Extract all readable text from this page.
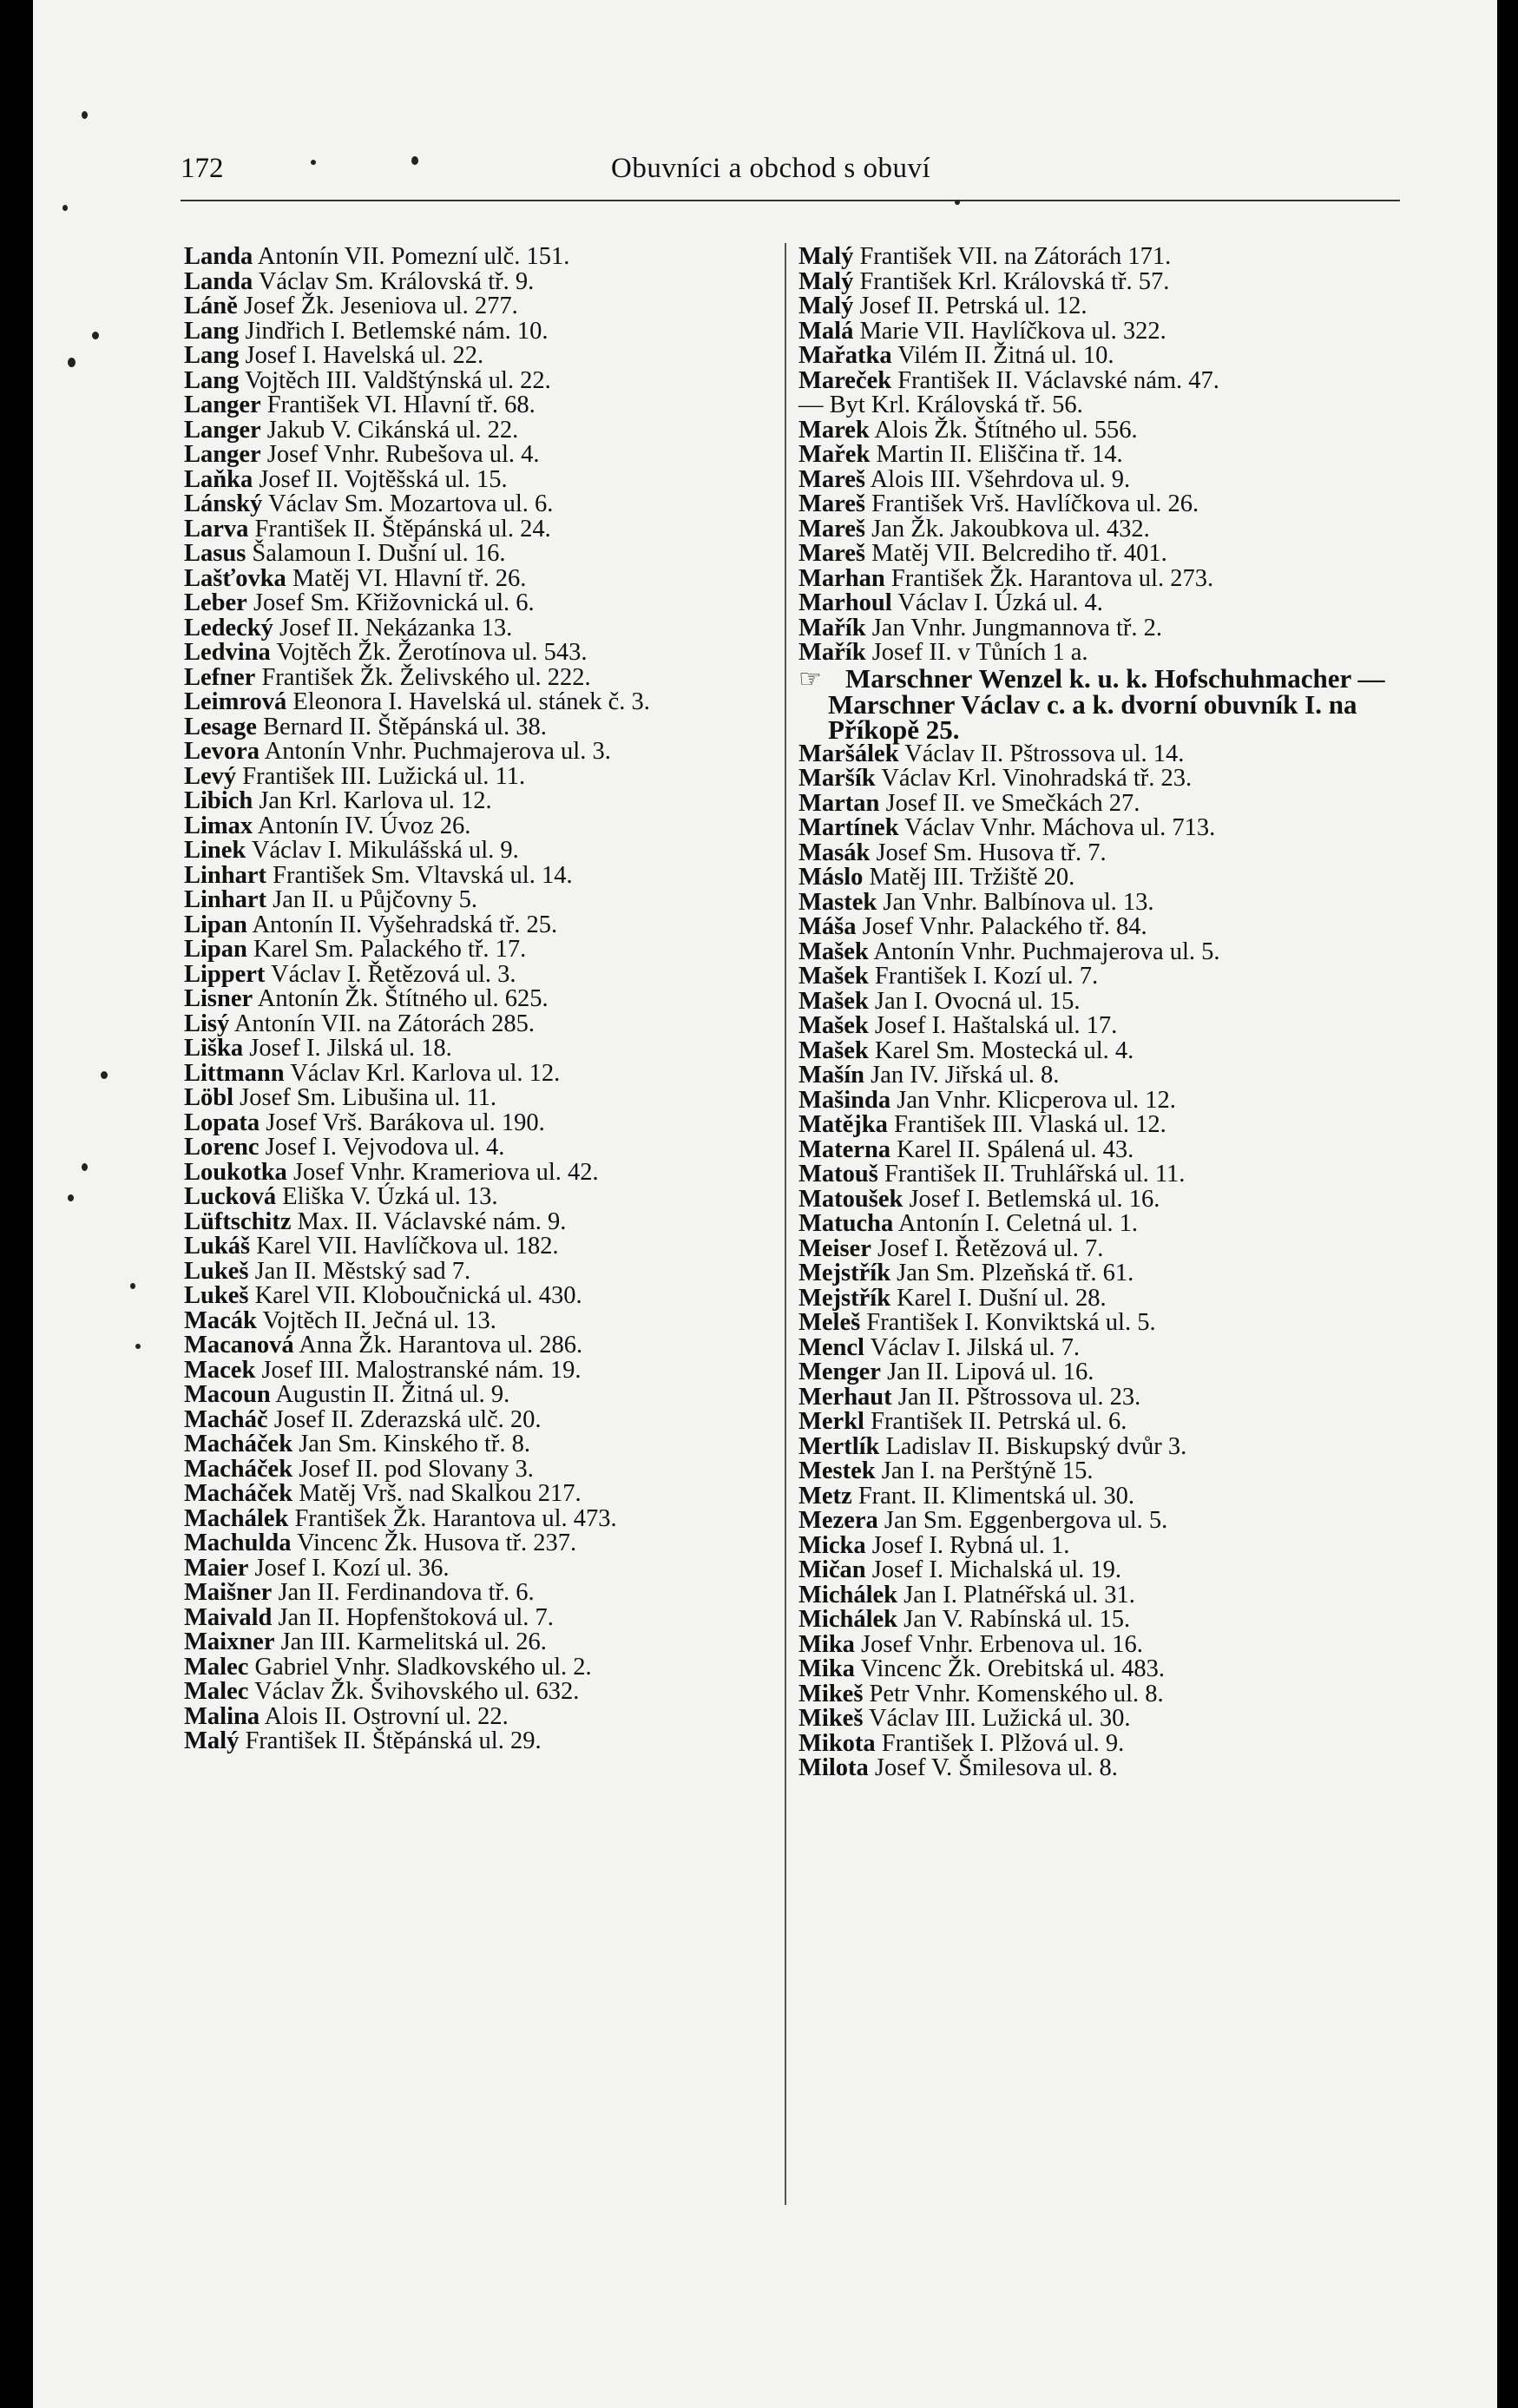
172	Obuvníci a obchod s obuví
Landa Antonín VII. Pomezní ulč. 151.
Landa Václav Sm. Královská tř. 9.
Láně Josef Žk. Jeseniova ul. 277.
Lang Jindřich I. Betlemské nám. 10.
Lang Josef I. Havelská ul. 22.
Lang Vojtěch III. Valdštýnská ul. 22.
Langer František VI. Hlavní tř. 68.
Langer Jakub V. Cikánská ul. 22.
Langer Josef Vnhr. Rubešova ul. 4.
Laňka Josef II. Vojtěšská ul. 15.
Lánský Václav Sm. Mozartova ul. 6.
Larva František II. Štěpánská ul. 24.
Lasus Šalamoun I. Dušní ul. 16.
Lašťovka Matěj VI. Hlavní tř. 26.
Leber Josef Sm. Křižovnická ul. 6.
Ledecký Josef II. Nekázanka 13.
Ledvina Vojtěch Žk. Žerotínova ul. 543.
Lefner František Žk. Želivského ul. 222.
Leimrová Eleonora I. Havelská ul. stánek č. 3.
Lesage Bernard II. Štěpánská ul. 38.
Levora Antonín Vnhr. Puchmajerova ul. 3.
Levý František III. Lužická ul. 11.
Libich Jan Krl. Karlova ul. 12.
Limax Antonín IV. Úvoz 26.
Linek Václav I. Mikulášská ul. 9.
Linhart František Sm. Vltavská ul. 14.
Linhart Jan II. u Půjčovny 5.
Lipan Antonín II. Vyšehradská tř. 25.
Lipan Karel Sm. Palackého tř. 17.
Lippert Václav I. Řetězová ul. 3.
Lisner Antonín Žk. Štítného ul. 625.
Lisý Antonín VII. na Zátorách 285.
Liška Josef I. Jilská ul. 18.
Littmann Václav Krl. Karlova ul. 12.
Löbl Josef Sm. Libušina ul. 11.
Lopata Josef Vrš. Barákova ul. 190.
Lorenc Josef I. Vejvodova ul. 4.
Loukotka Josef Vnhr. Krameriova ul. 42.
Lucková Eliška V. Úzká ul. 13.
Lüftschitz Max. II. Václavské nám. 9.
Lukáš Karel VII. Havlíčkova ul. 182.
Lukeš Jan II. Městský sad 7.
Lukeš Karel VII. Kloboučnická ul. 430.
Macák Vojtěch II. Ječná ul. 13.
Macanová Anna Žk. Harantova ul. 286.
Macek Josef III. Malostranské nám. 19.
Macoun Augustin II. Žitná ul. 9.
Macháč Josef II. Zderazská ulč. 20.
Macháček Jan Sm. Kinského tř. 8.
Macháček Josef II. pod Slovany 3.
Macháček Matěj Vrš. nad Skalkou 217.
Machálek František Žk. Harantova ul. 473.
Machulda Vincenc Žk. Husova tř. 237.
Maier Josef I. Kozí ul. 36.
Maišner Jan II. Ferdinandova tř. 6.
Maivald Jan II. Hopfenštoková ul. 7.
Maixner Jan III. Karmelitská ul. 26.
Malec Gabriel Vnhr. Sladkovského ul. 2.
Malec Václav Žk. Švihovského ul. 632.
Malina Alois II. Ostrovní ul. 22.
Malý František II. Štěpánská ul. 29.
Malý František VII. na Zátorách 171.
Malý František Krl. Královská tř. 57.
Malý Josef II. Petrská ul. 12.
Malá Marie VII. Havlíčkova ul. 322.
Mařatka Vilém II. Žitná ul. 10.
Mareček František II. Václavské nám. 47.
— Byt Krl. Královská tř. 56.
Marek Alois Žk. Štítného ul. 556.
Mařek Martin II. Eliščina tř. 14.
Mareš Alois III. Všehrdova ul. 9.
Mareš František Vrš. Havlíčkova ul. 26.
Mareš Jan Žk. Jakoubkova ul. 432.
Mareš Matěj VII. Belcrediho tř. 401.
Marhan František Žk. Harantova ul. 273.
Marhoul Václav I. Úzká ul. 4.
Mařík Jan Vnhr. Jungmannova tř. 2.
Mařík Josef II. v Tůních 1 a.
☞ Marschner Wenzel k. u. k. Hofschuhmacher — Marschner Václav c. a k. dvorní obuvník I. na Příkopě 25.
Maršálek Václav II. Pštrossova ul. 14.
Maršík Václav Krl. Vinohradská tř. 23.
Martan Josef II. ve Smečkách 27.
Martínek Václav Vnhr. Máchova ul. 713.
Masák Josef Sm. Husova tř. 7.
Máslo Matěj III. Tržiště 20.
Mastek Jan Vnhr. Balbínova ul. 13.
Máša Josef Vnhr. Palackého tř. 84.
Mašek Antonín Vnhr. Puchmajerova ul. 5.
Mašek František I. Kozí ul. 7.
Mašek Jan I. Ovocná ul. 15.
Mašek Josef I. Haštalská ul. 17.
Mašek Karel Sm. Mostecká ul. 4.
Mašín Jan IV. Jiřská ul. 8.
Mašinda Jan Vnhr. Klicperova ul. 12.
Matějka František III. Vlaská ul. 12.
Materna Karel II. Spálená ul. 43.
Matouš František II. Truhlářská ul. 11.
Matoušek Josef I. Betlemská ul. 16.
Matucha Antonín I. Celetná ul. 1.
Meiser Josef I. Řetězová ul. 7.
Mejstřík Jan Sm. Plzeňská tř. 61.
Mejstřík Karel I. Dušní ul. 28.
Meleš František I. Konviktská ul. 5.
Mencl Václav I. Jilská ul. 7.
Menger Jan II. Lipová ul. 16.
Merhaut Jan II. Pštrossova ul. 23.
Merkl František II. Petrská ul. 6.
Mertlík Ladislav II. Biskupský dvůr 3.
Mestek Jan I. na Perštýně 15.
Metz Frant. II. Klimentská ul. 30.
Mezera Jan Sm. Eggenbergova ul. 5.
Micka Josef I. Rybná ul. 1.
Mičan Josef I. Michalská ul. 19.
Michálek Jan I. Platnéřská ul. 31.
Michálek Jan V. Rabínská ul. 15.
Mika Josef Vnhr. Erbenova ul. 16.
Mika Vincenc Žk. Orebitská ul. 483.
Mikeš Petr Vnhr. Komenského ul. 8.
Mikeš Václav III. Lužická ul. 30.
Mikota František I. Plžová ul. 9.
Milota Josef V. Šmilesova ul. 8.
